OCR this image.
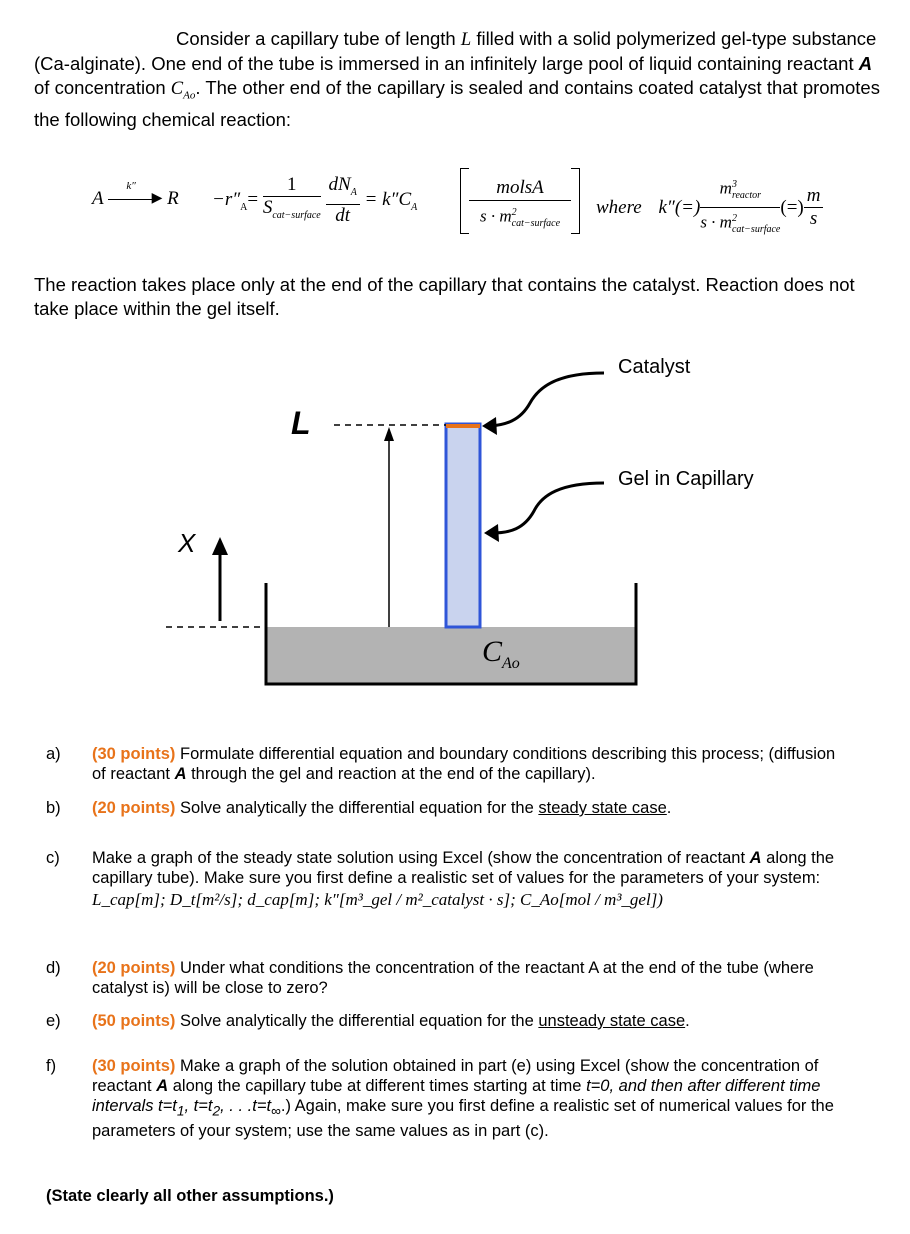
Consider a capillary tube of length L filled with a solid polymerized gel-type substance (Ca-alginate). One end of the tube is immersed in an infinitely large pool of liquid containing reactant A of concentration $C_{Ao}$. The other end of the capillary is sealed and contains coated catalyst that promotes the following chemical reaction:
A	▶
k″
$R -r''_A= \frac{1}{S_{cat-surface}}$
$\frac{dN_A}{dt} = k''C_A$
molsA
$s \cdot m^2_{cat-surface}$
where $k''(=) \frac{m^3_{reactor}}{s \cdot m^2_{cat-surface}}$ (=) $\frac{m}{s}$
The reaction takes place only at the end of the capillary that contains the catalyst. Reaction does not take place within the gel itself.
Catalyst
Gel in Capillary
L
X
$C_{Ao}$
a) (30 points) Formulate differential equation and boundary conditions describing this process; (diffusion of reactant A through the gel and reaction at the end of the capillary).
b) (20 points) Solve analytically the differential equation for the steady state case.
c) Make a graph of the steady state solution using Excel (show the concentration of reactant A along the capillary tube). Make sure you first define a realistic set of values for the parameters of your system:
L_cap[m]; D_t[m²/s]; d_cap[m]; k″[m³_gel / m²_catalyst · s]; C_Ao[mol / m³_gel])
d) (20 points) Under what conditions the concentration of the reactant A at the end of the tube (where catalyst is) will be close to zero?
e) (50 points) Solve analytically the differential equation for the unsteady state case.
f) (30 points) Make a graph of the solution obtained in part (e) using Excel (show the concentration of reactant A along the capillary tube at different times starting at time t=0, and then after different time intervals $t=t_1$, $t=t_2$, . . $.t=t_\infty$.) Again, make sure you first define a realistic set of numerical values for the parameters of your system; use the same values as in part (c).
(State clearly all other assumptions.)
